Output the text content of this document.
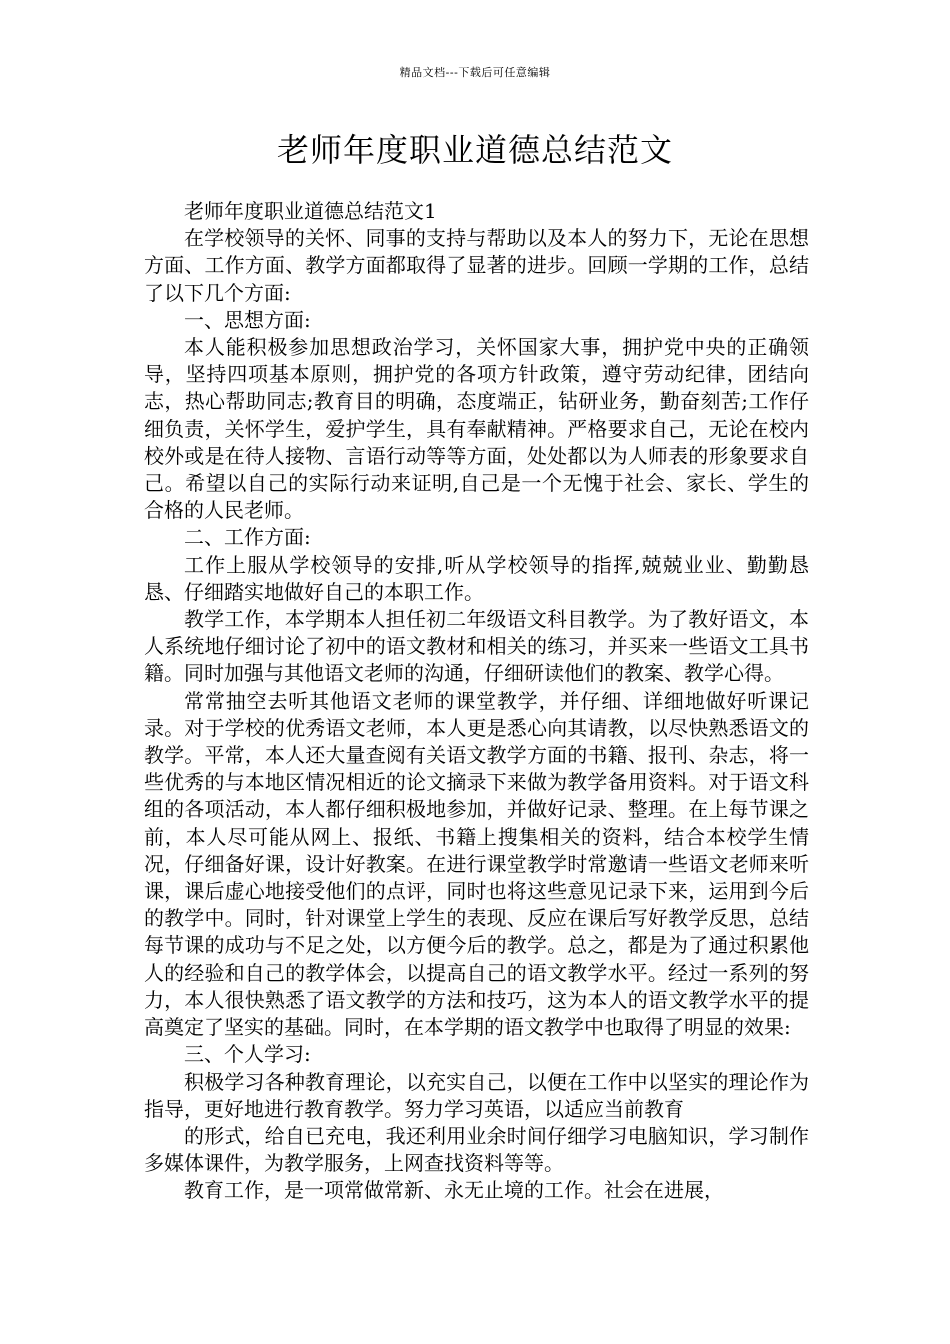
精品文档---下载后可任意编辑
老师年度职业道德总结范文

老师年度职业道德总结范文1

在学校领导的关怀、同事的支持与帮助以及本人的努力下，无论在思想方面、工作方面、教学方面都取得了显著的进步。回顾一学期的工作，总结了以下几个方面:

一、思想方面:

本人能积极参加思想政治学习，关怀国家大事，拥护党中央的正确领导，坚持四项基本原则，拥护党的各项方针政策，遵守劳动纪律，团结向志，热心帮助同志;教育目的明确，态度端正，钻研业务，勤奋刻苦;工作仔细负责，关怀学生，爱护学生，具有奉献精神。严格要求自己，无论在校内校外或是在待人接物、言语行动等等方面，处处都以为人师表的形象要求自己。希望以自己的实际行动来证明,自己是一个无愧于社会、家长、学生的合格的人民老师。

二、工作方面:

工作上服从学校领导的安排,听从学校领导的指挥,兢兢业业、勤勤恳恳、仔细踏实地做好自己的本职工作。

教学工作，本学期本人担任初二年级语文科目教学。为了教好语文，本人系统地仔细讨论了初中的语文教材和相关的练习，并买来一些语文工具书籍。同时加强与其他语文老师的沟通，仔细研读他们的教案、教学心得。

常常抽空去听其他语文老师的课堂教学，并仔细、详细地做好听课记录。对于学校的优秀语文老师，本人更是悉心向其请教，以尽快熟悉语文的教学。平常，本人还大量查阅有关语文教学方面的书籍、报刊、杂志，将一些优秀的与本地区情况相近的论文摘录下来做为教学备用资料。对于语文科组的各项活动，本人都仔细积极地参加，并做好记录、整理。在上每节课之前，本人尽可能从网上、报纸、书籍上搜集相关的资料，结合本校学生情况，仔细备好课，设计好教案。在进行课堂教学时常邀请一些语文老师来听课，课后虚心地接受他们的点评，同时也将这些意见记录下来，运用到今后的教学中。同时，针对课堂上学生的表现、反应在课后写好教学反思，总结每节课的成功与不足之处，以方便今后的教学。总之，都是为了通过积累他人的经验和自己的教学体会，以提高自己的语文教学水平。经过一系列的努力，本人很快熟悉了语文教学的方法和技巧，这为本人的语文教学水平的提高奠定了坚实的基础。同时，在本学期的语文教学中也取得了明显的效果:

三、个人学习:

积极学习各种教育理论，以充实自己，以便在工作中以坚实的理论作为指导，更好地进行教育教学。努力学习英语，以适应当前教育

的形式，给自已充电，我还利用业余时间仔细学习电脑知识，学习制作多媒体课件，为教学服务，上网查找资料等等。

教育工作，是一项常做常新、永无止境的工作。社会在进展，
